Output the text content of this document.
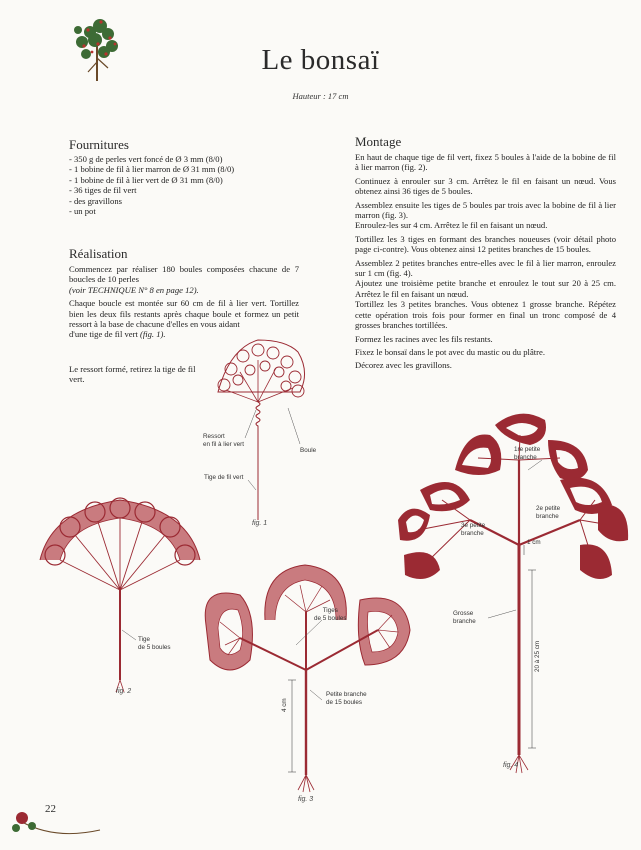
Le bonsaï
Hauteur : 17 cm
Fournitures
- 350 g de perles vert foncé de Ø 3 mm (8/0)
- 1 bobine de fil à lier marron de Ø 31 mm (8/0)
- 1 bobine de fil à lier vert de Ø 31 mm (8/0)
- 36 tiges de fil vert
- des gravillons
- un pot
Réalisation

Commencez par réaliser 180 boules composées chacune de 7 boucles de 10 perles
(voir TECHNIQUE N° 8 en page 12).

Chaque boucle est montée sur 60 cm de fil à lier vert. Tortillez bien les deux fils restants après chaque boule et formez un petit ressort à la base de chacune d'elles en vous aidant
d'une tige de fil vert (fig. 1).

Le ressort formé, retirez la tige de fil vert.
Montage

En haut de chaque tige de fil vert, fixez 5 boules à l'aide de la bobine de fil à lier marron (fig. 2).

Continuez à enrouler sur 3 cm. Arrêtez le fil en faisant un nœud. Vous obtenez ainsi 36 tiges de 5 boules.

Assemblez ensuite les tiges de 5 boules par trois avec la bobine de fil à lier marron (fig. 3).

Enroulez-les sur 4 cm. Arrêtez le fil en faisant un nœud.

Tortillez les 3 tiges en formant des branches noueuses (voir détail photo page ci-contre). Vous obtenez ainsi 12 petites branches de 15 boules.

Assemblez 2 petites branches entre-elles avec le fil à lier marron, enroulez sur 1 cm (fig. 4).

Ajoutez une troisième petite branche et enroulez le tout sur 20 à 25 cm. Arrêtez le fil en faisant un nœud.

Tortillez les 3 petites branches. Vous obtenez 1 grosse branche. Répétez cette opération trois fois pour former en final un tronc composé de 4 grosses branches tortillées.

Formez les racines avec les fils restants.

Fixez le bonsaï dans le pot avec du mastic ou du plâtre.

Décorez avec les gravillons.

Ressort
en fil à lier vert
Boule
Tige de fil vert
fig. 1
Tige
de 5 boules
fig. 2
Tiges
de 5 boules
Petite branche
de 15 boules
4 cm
fig. 3
1re petite
branche
2e petite
branche
3e petite
branche
1 cm
Grosse
branche
20 à 25 cm
fig. 4
22
